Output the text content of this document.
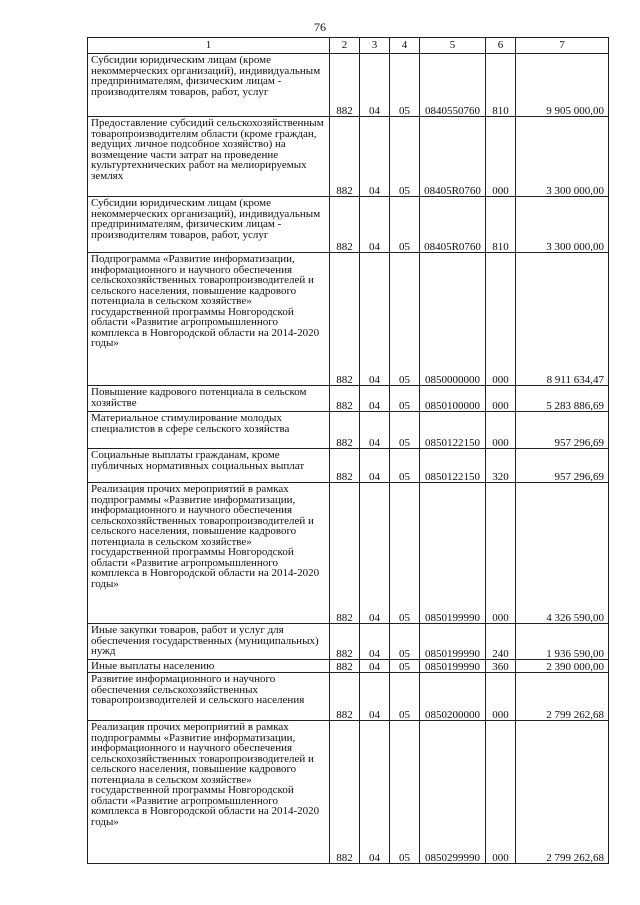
76
1	2	3	4	5	6	7
Субсидии юридическим лицам (кроме некоммерческих организаций), индивидуальным предпринимателям, физическим лицам - производителям товаров, работ, услуг	882	04	05	0840550760	810	9 905 000,00
Предоставление субсидий сельскохозяйственным товаропроизводителям области (кроме граждан, ведущих личное подсобное хозяйство) на возмещение части затрат на проведение культуртехнических работ на мелиорируемых землях	882	04	05	08405R0760	000	3 300 000,00
Субсидии юридическим лицам (кроме некоммерческих организаций), индивидуальным предпринимателям, физическим лицам - производителям товаров, работ, услуг	882	04	05	08405R0760	810	3 300 000,00
Подпрограмма «Развитие информатизации, информационного и научного обеспечения сельскохозяйственных товаропроизводителей и сельского населения, повышение кадрового потенциала в сельском хозяйстве» государственной программы Новгородской области «Развитие агропромышленного комплекса в Новгородской области на 2014-2020 годы»	882	04	05	0850000000	000	8 911 634,47
Повышение кадрового потенциала в сельском хозяйстве	882	04	05	0850100000	000	5 283 886,69
Материальное стимулирование молодых специалистов в сфере сельского хозяйства	882	04	05	0850122150	000	957 296,69
Социальные выплаты гражданам, кроме публичных нормативных социальных выплат	882	04	05	0850122150	320	957 296,69
Реализация прочих мероприятий в рамках подпрограммы «Развитие информатизации, информационного и научного обеспечения сельскохозяйственных товаропроизводителей и сельского населения, повышение кадрового потенциала в сельском хозяйстве» государственной программы Новгородской области «Развитие агропромышленного комплекса в Новгородской области на 2014-2020 годы»	882	04	05	0850199990	000	4 326 590,00
Иные закупки товаров, работ и услуг для обеспечения государственных (муниципальных) нужд	882	04	05	0850199990	240	1 936 590,00
Иные выплаты населению	882	04	05	0850199990	360	2 390 000,00
Развитие информационного и научного обеспечения сельскохозяйственных товаропроизводителей и сельского населения	882	04	05	0850200000	000	2 799 262,68
Реализация прочих мероприятий в рамках подпрограммы «Развитие информатизации, информационного и научного обеспечения сельскохозяйственных товаропроизводителей и сельского населения, повышение кадрового потенциала в сельском хозяйстве» государственной программы Новгородской области «Развитие агропромышленного комплекса в Новгородской области на 2014-2020 годы»	882	04	05	0850299990	000	2 799 262,68
